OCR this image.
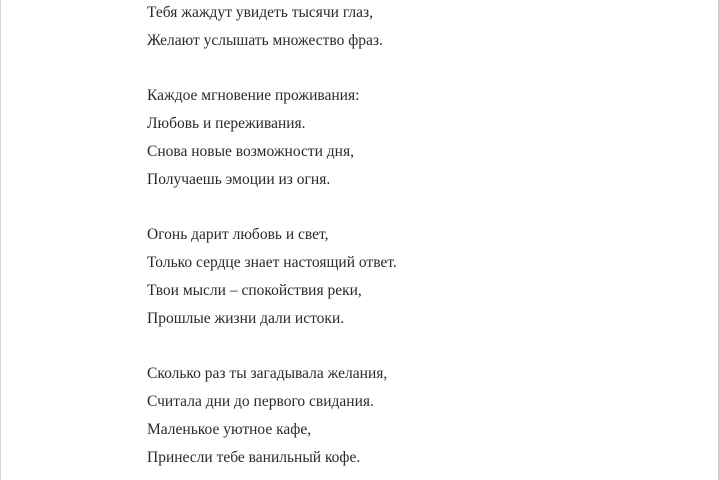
Тебя жаждут увидеть тысячи глаз,
Желают услышать множество фраз.
Каждое мгновение проживания:
Любовь и переживания.
Снова новые возможности дня,
Получаешь эмоции из огня.
Огонь дарит любовь и свет,
Только сердце знает настоящий ответ.
Твои мысли – спокойствия реки,
Прошлые жизни дали истоки.
Сколько раз ты загадывала желания,
Считала дни до первого свидания.
Маленькое уютное кафе,
Принесли тебе ванильный кофе.
